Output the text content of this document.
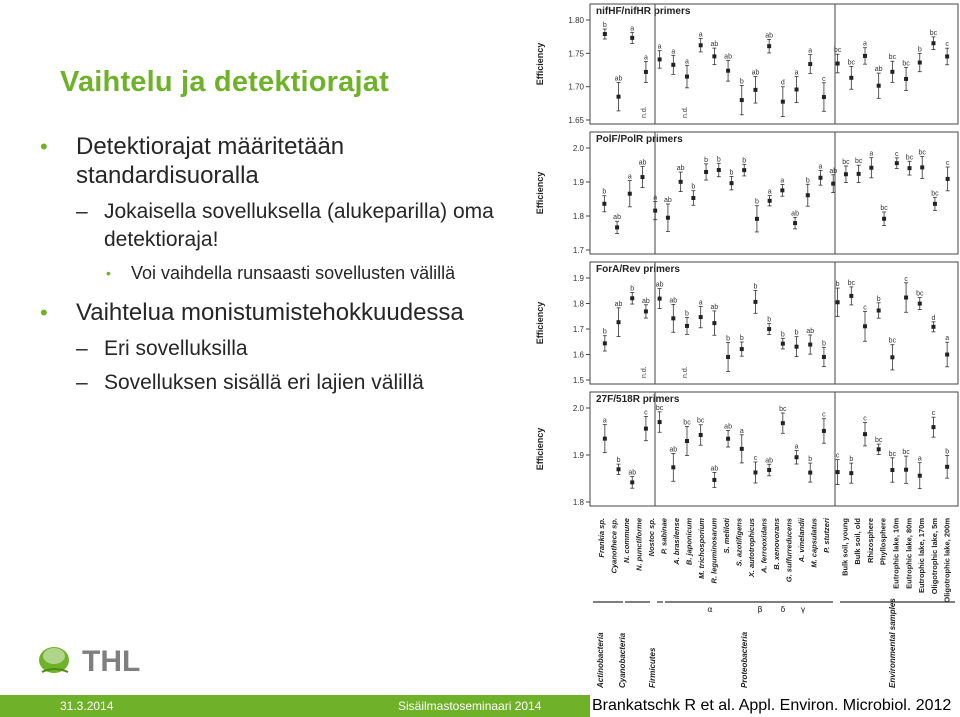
Vaihtelu ja detektiorajat
• Detektiorajat määritetään standardisuoralla
– Jokaisella sovelluksella (alukeparilla) oma detektioraja!
• Voi vaihdella runsaasti sovellusten välillä
• Vaihtelua monistumistehokkuudessa
– Eri sovelluksilla
– Sovelluksen sisällä eri lajien välillä
nifHF/nifHR primers
1.80
1.75
1.70
1.65
Efficiency
b
ab
a
a
a
a
a
a
ab
ab
b
ab
ab
d
a
a
c
bc
bc
a
ab
bc
bc
b
bc
c
n.d.	n.d.
PolF/PolR primers
2.0
1.9
1.8
1.7
Efficiency	b
ab
a
ab
a ab
ab
b
b b
b
b
b
a
a
ab
b
a
ab
bc bc
a
bc
c bc
bc
bc
c
ForA/Rev primers
1.9
1.8
1.7
1.6
1.5
Efficiency	b
ab
b
ab
ab
ab
b
a
ab
b b
b
b
b b ab
b
b bc
c
b
bc
c
bc
d
a
n.d.	n.d.
27F/518R primers
2.0
1.9
1.8
Efficiency
a
b
ab
c
bc
ab
bc bc
ab
ab
a
c ab
bc
a
b
c
c b
c
bc
bc bc
a
c
b
Frankia sp. Cyanothece sp. N. commune N. punctiforme Nostoc sp. P. sabinae A. brasilense B. japonicum M. trichosporium R. leguminosarum S. meliloti S. azotifigens X. autotrophicus A. ferrooxidans B. xenovorans G. sulfurreducens A. vinelandii M. capsulatus P. stutzeri Bulk soil, young Bulk soil, old Rhizosphere Phyllosphere Eutrophic lake, 10m Eutrophic lake, 80m Eutrophic lake, 170m Oligotrophic lake, 5m Oligotrophic lake, 200m
α	β δ γ
Actinobacteria Cyanobacteria	Firmicutes	Proteobacteria	Environmental samples
THL
31.3.2014	Sisäilmastoseminaari 2014	Brankatschk R et al. Appl. Environ. Microbiol. 2012
